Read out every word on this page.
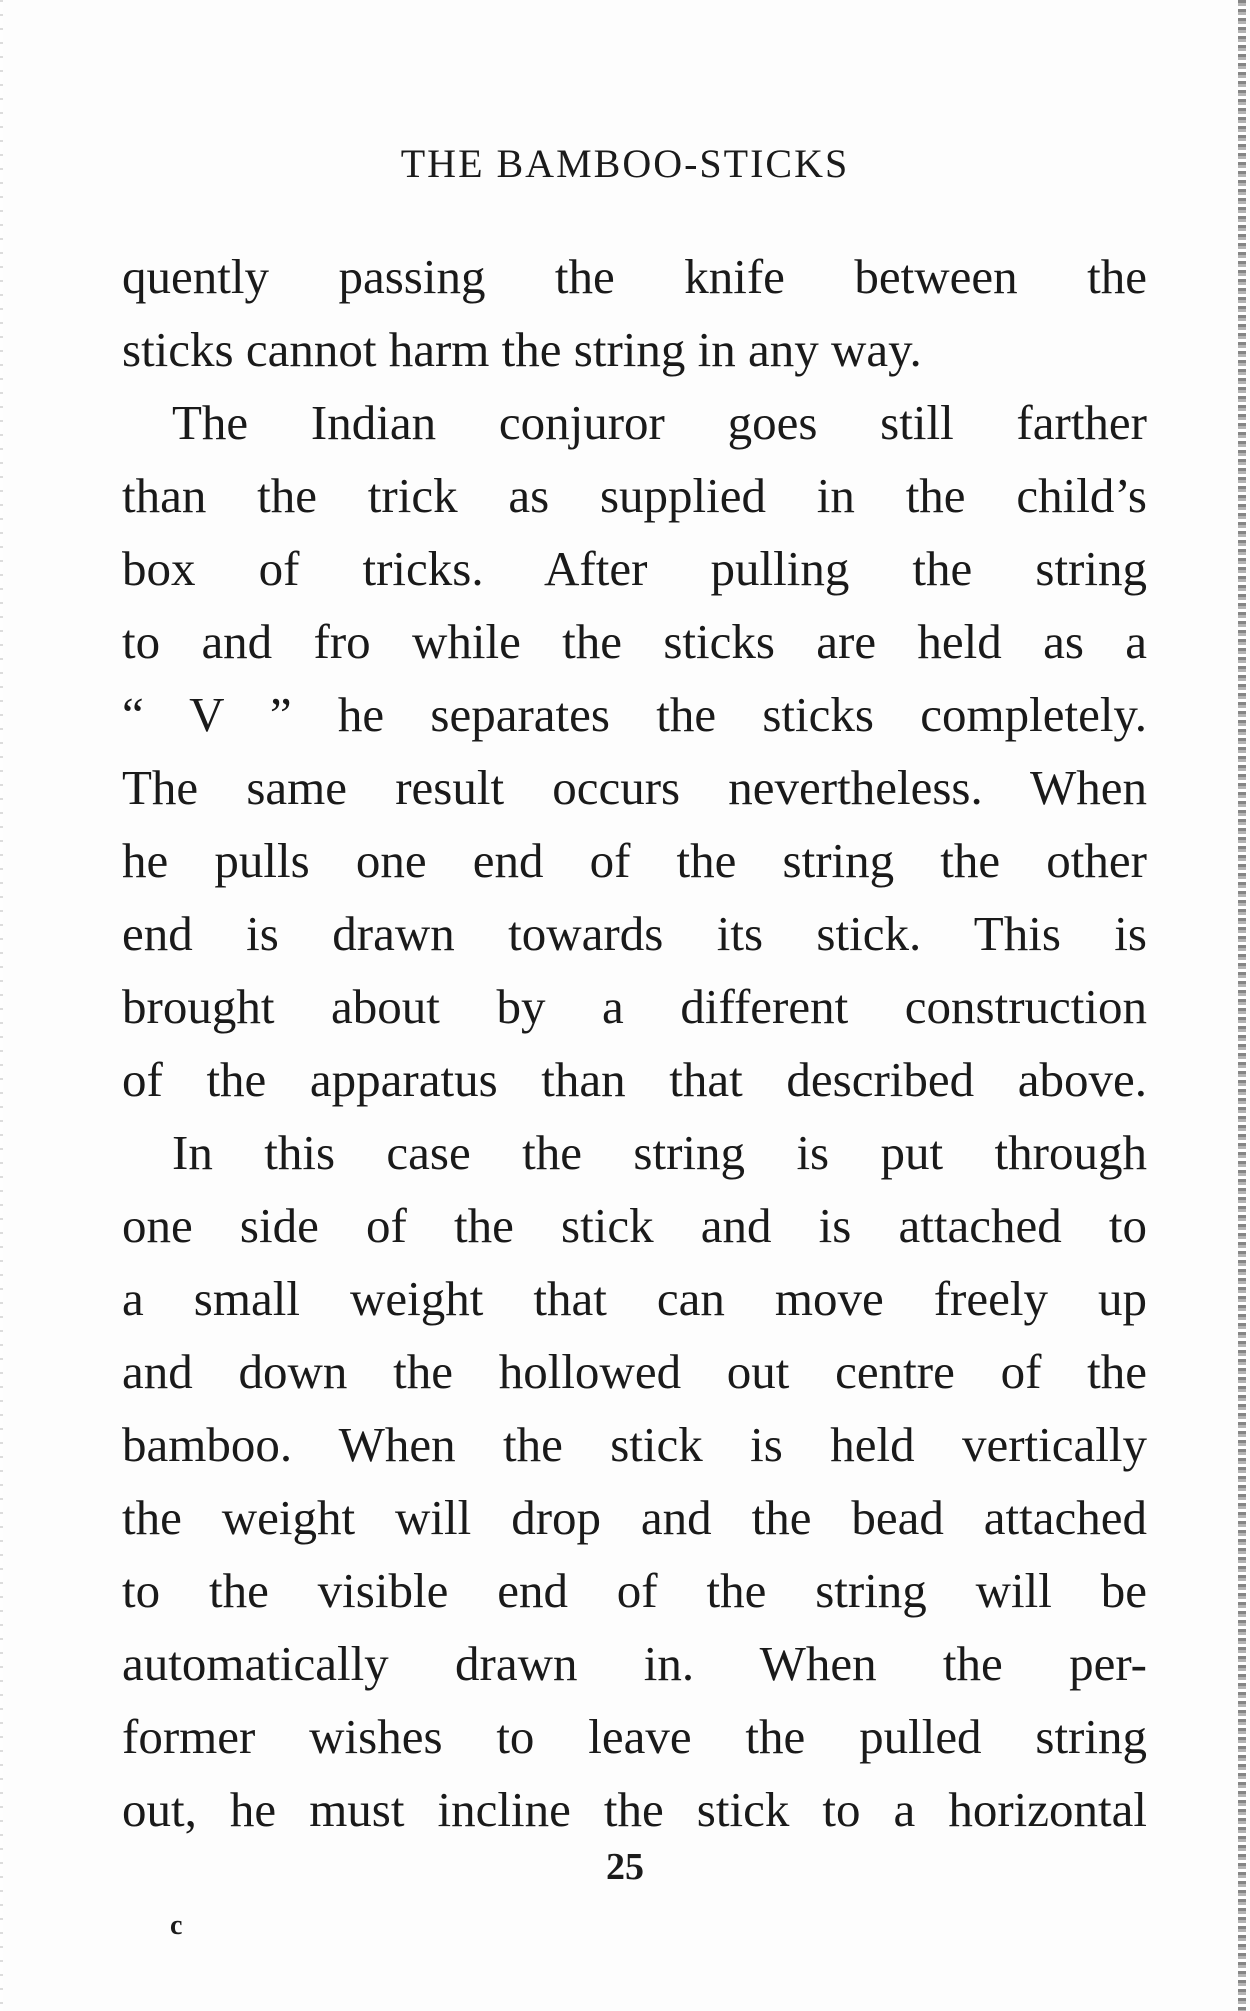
THE BAMBOO-STICKS
quently passing the knife between the
sticks cannot harm the string in any way.
The Indian conjuror goes still farther
than the trick as supplied in the child’s
box of tricks. After pulling the string
to and fro while the sticks are held as a
“ V ” he separates the sticks completely.
The same result occurs nevertheless. When
he pulls one end of the string the other
end is drawn towards its stick. This is
brought about by a different construction
of the apparatus than that described above.
In this case the string is put through
one side of the stick and is attached to
a small weight that can move freely up
and down the hollowed out centre of the
bamboo. When the stick is held vertically
the weight will drop and the bead attached
to the visible end of the string will be
automatically drawn in. When the per-
former wishes to leave the pulled string
out, he must incline the stick to a horizontal
25
c
